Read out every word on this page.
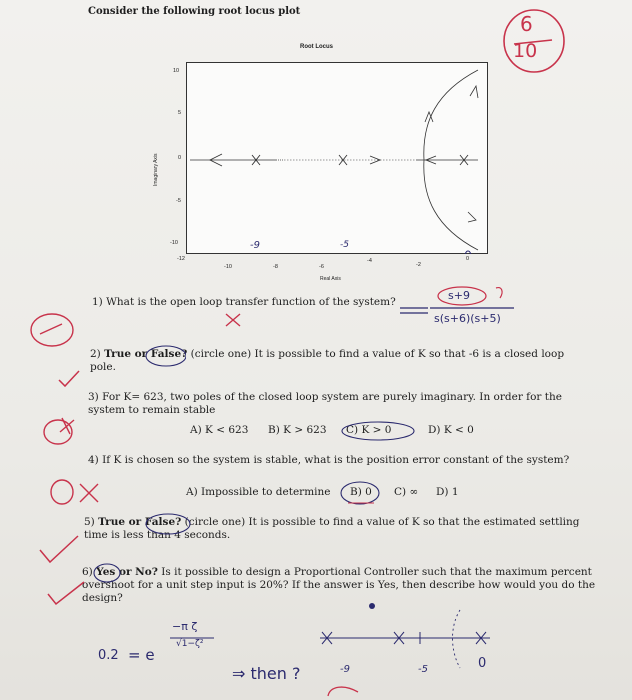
Consider the following root locus plot
6
10
Root Locus
Imaginary Axis
Real Axis
10
5
0
-5
-10
-12
-10	-8	-6
-4
-2
0
-9	-5
1) What is the open loop transfer function of the system?	s+9
s(s+6)(s+5)
2) True or False? (circle one) It is possible to find a value of K so that -6 is a closed loop pole.
3) For K= 623, two poles of the closed loop system are purely imaginary. In order for the system to remain stable
A) K < 623 B) K > 623 C) K > 0	D) K < 0
4) If K is chosen so the system is stable, what is the position error constant of the system?
A) Impossible to determine B) 0 C) ∞ D) 1
5) True or False? (circle one) It is possible to find a value of K so that the estimated settling time is less than 4 seconds.
6) Yes or No? Is it possible to design a Proportional Controller such that the maximum percent overshoot for a unit step input is 20%? If the answer is Yes, then describe how would you do the design?
0.2 = e
−π ζ
√1−ζ²
⇒ then ?	-9	-5	0
